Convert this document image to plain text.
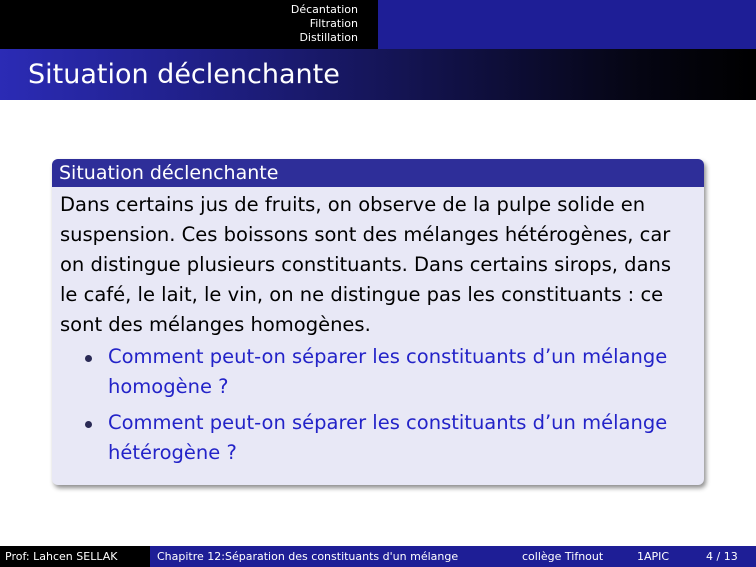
Décantation
Filtration
Distillation
Situation déclenchante
Situation déclenchante

Dans certains jus de fruits, on observe de la pulpe solide en suspension. Ces boissons sont des mélanges hétérogènes, car on distingue plusieurs constituants. Dans certains sirops, dans le café, le lait, le vin, on ne distingue pas les constituants : ce sont des mélanges homogènes.

Comment peut-on séparer les constituants d’un mélange homogène ?
Comment peut-on séparer les constituants d’un mélange hétérogène ?
Prof: Lahcen SELLAK	Chapitre 12:Séparation des constituants d'un mélange	collège Tifnout	1APIC	4 / 13
